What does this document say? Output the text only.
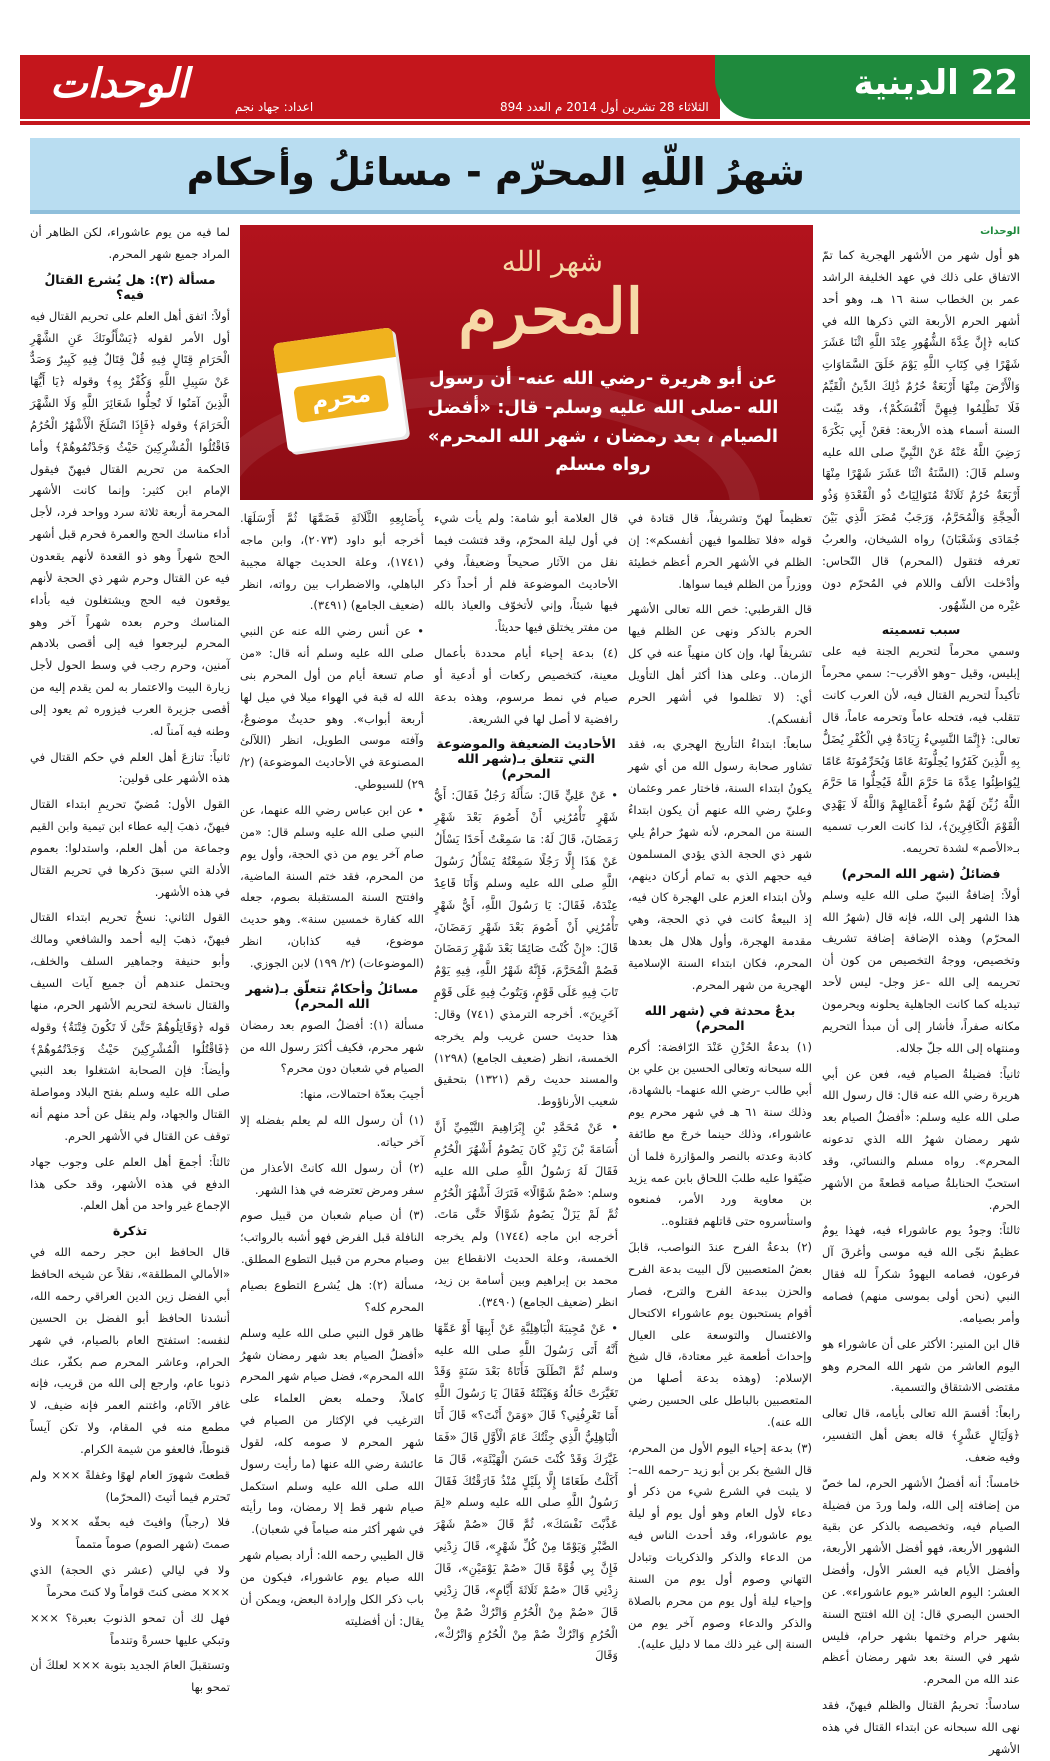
الوحدات	الثلاثاء 28 تشرين أول 2014 م العدد 894
اعداد: جهاد نجم
22 الدينية
شهرُ اللّهِ المحرّم - مسائلُ وأحكام
شهر الله
المحرم
عن أبو هريرة -رضي الله عنه- أن رسول الله -صلى الله عليه وسلم- قال: «أفضل الصيام ، بعد رمضان ، شهر الله المحرم» رواه مسلم
محرم
الوحدات

هو أول شهر من الأشهر الهجرية كما تمّ الاتفاق على ذلك في عهد الخليفة الراشد عمر بن الخطاب سنة ١٦ هـ، وهو أحد أشهر الحرم الأربعة التي ذكرها الله في كتابه ﴿إِنَّ عِدَّةَ الشُّهُورِ عِنْدَ اللَّهِ اثْنَا عَشَرَ شَهْرًا فِي كِتَابِ اللَّهِ يَوْمَ خَلَقَ السَّمَاوَاتِ وَالْأَرْضَ مِنْهَا أَرْبَعَةٌ حُرُمٌ ذَٰلِكَ الدِّينُ الْقَيِّمُ فَلَا تَظْلِمُوا فِيهِنَّ أَنْفُسَكُمْ﴾، وقد بيّنت السنة أسماء هذه الأربعة: فعَنْ أَبِي بَكْرَةَ رَضِيَ اللَّهُ عَنْهُ عَنْ النَّبِيِّ صلى الله عليه وسلم قَالَ: (السَّنَةُ اثْنَا عَشَرَ شَهْرًا مِنْهَا أَرْبَعَةٌ حُرُمٌ ثَلَاثَةٌ مُتَوَالِيَاتٌ ذُو الْقَعْدَةِ وَذُو الْحِجَّةِ وَالْمُحَرَّمُ، وَرَجَبُ مُضَرَ الَّذِي بَيْنَ جُمَادَى وَشَعْبَانَ) رواه الشيخان، والعربُ تعرفه فتقول (المحرم) قال النّحاس: وأدْخلت الألف واللام في المُحرّم دون غيْره من الشّهُور.

سبب تسميته

وسمي محرماً لتحريم الجنة فيه على إبليس، وقيل –وهو الأقرب–: سمي محرماً تأكيداً لتحريم القتال فيه، لأن العرب كانت تتقلب فيه، فتحله عاماً وتحرمه عاماً، قال تعالى: ﴿إِنَّمَا النَّسِيءُ زِيَادَةٌ فِي الْكُفْرِ يُضَلُّ بِهِ الَّذِينَ كَفَرُوا يُحِلُّونَهُ عَامًا وَيُحَرِّمُونَهُ عَامًا لِيُوَاطِئُوا عِدَّةَ مَا حَرَّمَ اللَّهُ فَيُحِلُّوا مَا حَرَّمَ اللَّهُ زُيِّنَ لَهُمْ سُوءُ أَعْمَالِهِمْ وَاللَّهُ لَا يَهْدِي الْقَوْمَ الْكَافِرِينَ﴾، لذا كانت العرب تسميه بـ«الأصم» لشدة تحريمه.

فضائلُ (شهر الله المحرم)

أولاً: إضافةُ النبيّ صلى الله عليه وسلم هذا الشهر إلى الله، فإنه قال (شهرُ الله المحرّم) وهذه الإضافة إضافة تشريف وتخصيص، ووجهُ التخصيص من كون أن تحريمه إلى الله -عز وجل- ليس لأحد تبديله كما كانت الجاهلية يحلونه ويحرمون مكانه صفراً، فأشار إلى أن مبدأ التحريم ومنتهاه إلى الله جلّ جلاله.

ثانياً: فضيلةُ الصيام فيه، فعن عن أبي هريرة رضي الله عنه قال: قال رسول الله صلى الله عليه وسلم: «أفضلُ الصيام بعد شهر رمضان شهرُ الله الذي تدعونه المحرم». رواه مسلم والنسائي، وقد استحبّ الحنابلةُ صيامه قطعةً من الأشهر الحرم.

ثالثاً: وجودُ يوم عاشوراء فيه، فهذا يومٌ عظيمٌ نجّى الله فيه موسى وأغرقَ آل فرعون، فصامه اليهودُ شكراً لله فقال النبي (نحن أولى بموسى منهم) فصامه وأمر بصيامه.

قال ابن المنير: الأكثر على أن عاشوراء هو اليوم العاشر من شهر الله المحرم وهو مقتضى الاشتقاق والتسمية.

رابعاً: أقسمَ الله تعالى بأيامه، قال تعالى ﴿وَلَيَالٍ عَشْرٍ﴾ قاله بعض أهل التفسير، وفيه ضعف.

خامساً: أنه أفضلُ الأشهر الحرم، لما خصّ من إضافته إلى الله، ولما وردَ من فضيلة الصيام فيه، وتخصيصه بالذكر عن بقية الشهور الأربعة، فهو أفضل الأشهر الأربعة، وأفضل الأيام فيه العشر الأول، وأفضل العشر: اليوم العاشر «يوم عاشوراء». عن الحسن البصري قال: إن الله افتتح السنة بشهر حرام وختمها بشهر حرام، فليس شهر في السنة بعد شهر رمضان أعظم عند الله من المحرم.

سادساً: تحريمُ القتال والظلم فيهنّ، فقد نهى الله سبحانه عن ابتداء القتال في هذه الأشهر

تعظيماً لهنّ وتشريفاً، قال قتادة في قوله «فلا تظلموا فيهن أنفسكم»: إن الظلم في الأشهر الحرم أعظم خطيئة ووزراً من الظلم فيما سواها.

قال القرطبي: خص الله تعالى الأشهر الحرم بالذكر ونهى عن الظلم فيها تشريفاً لها، وإن كان منهياً عنه في كل الزمان.. وعلى هذا أكثر أهل التأويل أي: (لا تظلموا في أشهر الحرم أنفسكم).

سابعاً: ابتداءُ التأريخ الهجري به، فقد تشاور صحابة رسول الله من أي شهر يكونُ ابتداء السنة، فاختار عمر وعثمان وعليّ رضي الله عنهم أن يكون ابتداءُ السنة من المحرم، لأنه شهرٌ حرامٌ يلي شهر ذي الحجة الذي يؤدي المسلمون فيه حجهم الذي به تمام أركان دينهم، ولأن ابتداء العزم على الهجرة كان فيه، إذ البيعةُ كانت في ذي الحجة، وهي مقدمة الهجرة، وأول هلال هل بعدها المحرم، فكان ابتداء السنة الإسلامية الهجرية من شهر المحرم.

بدعٌ محدثة في (شهر الله المحرم)

(١) بدعةُ الحُزْنِ عَنْدَ الرّافضة: أكرم الله سبحانه وتعالى الحسين بن علي بن أبي طالب -رضي الله عنهما- بالشهادة، وذلك سنة ٦١ هـ في شهر محرم يوم عاشوراء، وذلك حينما خرجَ مع طائفة كاذبة وعدته بالنصر والمؤازرة فلما أن ضيّقوا عليه طلبَ اللحاق بابن عمه يزيد بن معاوية ورد الأمر، فمنعوه واستأسروه حتى قاتلهم فقتلوه..

(٢) بدعةُ الفرح عندَ النواصب، قابلَ بعضُ المتعصبين لآل البيت بدعة الفرح والحزن ببدعة الفرح والترح، فصار أقوام يستحبون يوم عاشوراء الاكتحال والاغتسال والتوسعة على العيال وإحداث أطعمة غير معتادة، قال شيخ الإسلام: (وهذه بدعة أصلها من المتعصبين بالباطل على الحسين رضي الله عنه).

(٣) بدعة إحياء اليوم الأول من المحرم، قال الشيخ بكر بن أبو زيد –رحمه الله–: لا يثبت في الشرع شيء من ذكر أو دعاء لأول العام وهو أول يوم أو ليلة يوم عاشوراء، وقد أحدث الناس فيه من الدعاء والذكر والذكريات وتبادل التهاني وصوم أول يوم من السنة وإحياء ليلة أول يوم من محرم بالصلاة والذكر والدعاء وصوم آخر يوم من السنة إلى غير ذلك مما لا دليل عليه).

قال العلامة أبو شامة: ولم يأت شيء في أول ليلة المحرّم، وقد فتشت فيما نقل من الآثار صحيحاً وضعيفاً، وفي الأحاديث الموضوعة فلم أر أحداً ذكر فيها شيئاً، وإني لأتخوّف والعياذ بالله من مفتر يختلق فيها حديثاً.

(٤) بدعة إحياء أيام محددة بأعمال معينة، كتخصيص ركعات أو أدعية أو صيام في نمط مرسوم، وهذه بدعة رافضية لا أصل لها في الشريعة.

الأحاديث الضعيفة والموضوعة التي تتعلق بـ(شهر الله المحرم)

• عَنْ عَلِيٍّ قَالَ: سَأَلَهُ رَجُلٌ فَقَالَ: أَيُّ شَهْرٍ تَأْمُرُنِي أَنْ أَصُومَ بَعْدَ شَهْرِ رَمَضَانَ، قَالَ لَهُ: مَا سَمِعْتُ أَحَدًا يَسْأَلُ عَنْ هَذَا إِلَّا رَجُلًا سَمِعْتُهُ يَسْأَلُ رَسُولَ اللَّهِ صلى الله عليه وسلم وَأَنَا قَاعِدٌ عِنْدَهُ، فَقَالَ: يَا رَسُولَ اللَّهِ، أَيُّ شَهْرٍ تَأْمُرُنِي أَنْ أَصُومَ بَعْدَ شَهْرِ رَمَضَانَ، قَالَ: «إِنْ كُنْتَ صَائِمًا بَعْدَ شَهْرِ رَمَضَانَ فَصُمْ الْمُحَرَّمَ، فَإِنَّهُ شَهْرُ اللَّهِ، فِيهِ يَوْمٌ تَابَ فِيهِ عَلَى قَوْمٍ، وَيَتُوبُ فِيهِ عَلَى قَوْمٍ آخَرِينَ». أخرجه الترمذي (٧٤١) وقال: هذا حديث حسن غريب ولم يخرجه الخمسة، انظر (ضعيف الجامع) (١٢٩٨) والمسند حديث رقم (١٣٢١) بتحقيق شعيب الأرناؤوط.

• عَنْ مُحَمَّدِ بْنِ إِبْرَاهِيمَ التَّيْمِيِّ أَنَّ أُسَامَةَ بْنَ زَيْدٍ كَانَ يَصُومُ أَشْهُرَ الْحُرُمِ فَقَالَ لَهُ رَسُولُ اللَّهِ صلى الله عليه وسلم: «صُمْ شَوَّالًا» فَتَرَكَ أَشْهُرَ الْحُرُمِ ثُمَّ لَمْ يَزَلْ يَصُومُ شَوَّالًا حَتَّى مَاتَ. أخرجه ابن ماجه (١٧٤٤) ولم يخرجه الخمسة، وعلة الحديث الانقطاع بين محمد بن إبراهيم وبين أسامة بن زيد، انظر (ضعيف الجامع) (٣٤٩٠).

• عَنْ مُجِيبَةَ الْبَاهِلِيَّةِ عَنْ أَبِيهَا أَوْ عَمِّهَا أَنَّهُ أَتَى رَسُولَ اللَّهِ صلى الله عليه وسلم ثُمَّ انْطَلَقَ فَأَتَاهُ بَعْدَ سَنَةٍ وَقَدْ تَغَيَّرَتْ حَالُهُ وَهَيْئَتُهُ فَقَالَ يَا رَسُولَ اللَّهِ أَمَا تَعْرِفُنِي؟ قَالَ «وَمَنْ أَنْتَ؟» قَالَ أَنَا الْبَاهِلِيُّ الَّذِي جِئْتُكَ عَامَ الْأَوَّلِ قَالَ «فَمَا غَيَّرَكَ وَقَدْ كُنْتَ حَسَنَ الْهَيْئَةِ»، قَالَ مَا أَكَلْتُ طَعَامًا إِلَّا بِلَيْلٍ مُنْذُ فَارَقْتُكَ فَقَالَ رَسُولُ اللَّهِ صلى الله عليه وسلم «لِمَ عَذَّبْتَ نَفْسَكَ»، ثُمَّ قَالَ «صُمْ شَهْرَ الصَّبْرِ وَيَوْمًا مِنْ كُلِّ شَهْرٍ»، قَالَ زِدْنِي فَإِنَّ بِي قُوَّةً قَالَ «صُمْ يَوْمَيْنِ»، قَالَ زِدْنِي قَالَ «صُمْ ثَلَاثَةَ أَيَّامٍ»، قَالَ زِدْنِي قَالَ «صُمْ مِنْ الْحُرُمِ وَاتْرُكْ صُمْ مِنْ الْحُرُمِ وَاتْرُكْ صُمْ مِنْ الْحُرُمِ وَاتْرُكْ»، وَقَالَ

بِأَصَابِعِهِ الثَّلَاثَةِ فَضَمَّهَا ثُمَّ أَرْسَلَهَا. أخرجه أبو داود (٢٠٧٣)، وابن ماجه (١٧٤١)، وعلة الحديث جهالة مجيبة الباهلي، والاضطراب بين رواته، انظر (ضعيف الجامع) (٣٤٩١).

• عن أنس رضي الله عنه عن النبي صلى الله عليه وسلم أنه قال: «من صام تسعة أيام من أول المحرم بنى الله له قبة في الهواء ميلا في ميل لها أربعة أبواب». وهو حديثٌ موضوعٌ، وآفته موسى الطويل، انظر (اللآلئ المصنوعة في الأحاديث الموضوعة) (٢/ ٢٩) للسيوطي.

• عن ابن عباس رضي الله عنهما، عن النبي صلى الله عليه وسلم قال: «من صام آخر يوم من ذي الحجة، وأول يوم من المحرم، فقد ختم السنة الماضية، وافتتح السنة المستقبلة بصوم، جعله الله كفارة خمسين سنة». وهو حديث موضوع، فيه كذابان، انظر (الموضوعات) (٢/ ١٩٩) لابن الجوزي.

مسائلُ وأحكامٌ تتعلّق بـ(شهر الله المحرم)

مسألة (١): أفضلُ الصوم بعد رمضان شهر محرم، فكيف أكثرَ رسول الله من الصيام في شعبان دون محرم؟

أجيبَ بعدّة احتمالات، منها:

(١) أن رسول الله لم يعلم بفضله إلا آخر حياته.

(٢) أن رسول الله كانتْ الأعذار من سفر ومرض تعترضه في هذا الشهر.

(٣) أن صيام شعبان من قبيل صوم النافلة قبل الفرض فهو أشبه بالرواتب؛ وصيام محرم من قبيل التطوع المطلق.

مسألة (٢): هل يُشرع التطوع بصيام المحرم كله؟

ظاهر قول النبي صلى الله عليه وسلم «أفضلُ الصيام بعد شهر رمضان شهرُ الله المحرم»، فضل صيام شهر المحرم كاملاً، وحمله بعض العلماء على الترغيب في الإكثار من الصيام في شهر المحرم لا صومه كله، لقول عائشة رضي الله عنها (ما رأيت رسول الله صلى الله عليه وسلم استكمل صيام شهر قط إلا رمضان، وما رأيته في شهر أكثر منه صياماً في شعبان).

قال الطيبي رحمه الله: أراد بصيام شهر الله صيام يوم عاشوراء، فيكون من باب ذكر الكل وإرادة البعض، ويمكن أن يقال: أن أفضليته

لما فيه من يوم عاشوراء، لكن الظاهر أن المراد جميع شهر المحرم.

مسألة (٣): هل يُشرع القتالُ فيه؟

أولاً: اتفق أهل العلم على تحريم القتال فيه أول الأمر لقوله ﴿يَسْأَلُونَكَ عَنِ الشَّهْرِ الْحَرَامِ قِتَالٍ فِيهِ قُلْ قِتَالٌ فِيهِ كَبِيرٌ وَصَدٌّ عَنْ سَبِيلِ اللَّهِ وَكُفْرٌ بِهِ﴾ وقوله ﴿يَا أَيُّهَا الَّذِينَ آمَنُوا لَا تُحِلُّوا شَعَائِرَ اللَّهِ وَلَا الشَّهْرَ الْحَرَامَ﴾ وقوله ﴿فَإِذَا انْسَلَخَ الْأَشْهُرُ الْحُرُمُ فَاقْتُلُوا الْمُشْرِكِينَ حَيْثُ وَجَدْتُمُوهُمْ﴾ وأما الحكمة من تحريم القتال فيهنّ فيقول الإمام ابن كثير: وإنما كانت الأشهر المحرمة أربعة ثلاثة سرد وواحد فرد، لأجل أداء مناسك الحج والعمرة فحرم قبل أشهر الحج شهراً وهو ذو القعدة لأنهم يقعدون فيه عن القتال وحرم شهر ذي الحجة لأنهم يوقعون فيه الحج ويشتغلون فيه بأداء المناسك وحرم بعده شهراً آخر وهو المحرم ليرجعوا فيه إلى أقصى بلادهم آمنين، وحرم رجب في وسط الحول لأجل زيارة البيت والاعتمار به لمن يقدم إليه من أقصى جزيرة العرب فيزوره ثم يعود إلى وطنه فيه آمناً له.

ثانياً: تنازعَ أهل العلم في حكم القتال في هذه الأشهر على قولين:

القول الأول: مُضيّ تحريمِ ابتداء القتال فيهنّ، ذهبَ إليه عطاء ابن تيمية وابن القيم وجماعة من أهل العلم، واستدلوا: بعموم الأدلة التي سبقَ ذكرها في تحريم القتال في هذه الأشهر.

القول الثاني: نسخُ تحريم ابتداء القتال فيهنّ، ذهبَ إليه أحمد والشافعي ومالك وأبو حنيفة وجماهير السلف والخلف، ويحتمل عندهم أن جميع آيات السيف والقتال ناسخة لتحريم الأشهر الحرم، منها قوله ﴿وَقَاتِلُوهُمْ حَتَّىٰ لَا تَكُونَ فِتْنَةٌ﴾ وقوله ﴿فَاقْتُلُوا الْمُشْرِكِينَ حَيْثُ وَجَدْتُمُوهُمْ﴾ وأيضاً: فإن الصحابة اشتغلوا بعد النبي صلى الله عليه وسلم بفتح البلاد ومواصلة القتال والجهاد، ولم ينقل عن أحد منهم أنه توقف عن القتال في الأشهر الحرم.

ثالثاً: أجمعَ أهل العلم على وجوب جهاد الدفع في هذه الأشهر، وقد حكى هذا الإجماع غير واحد من أهل العلم.

تذكرة

قال الحافظ ابن حجر رحمه الله في «الأمالي المطلقة»، نقلاً عن شيخه الحافظ أبي الفضل زين الدين العراقي رحمه الله، أنشدنا الحافظ أبو الفضل بن الحسين لنفسه: استفتح العام بالصيام، في شهر الحرام، وعاشر المحرم صم بكفّر، عنك ذنوبا عام، وارجع إلى الله من قريب، فإنه غافر الآثام، واغتنم العمر فإنه ضيف، لا مطمع منه في المقام، ولا تكن آيساً قنوطاً، فالعفو من شيمة الكرام.

قطعتَ شهورَ العام لهوًا وغفلةً ××× ولم تَحترم فيما أتيتَ (المحرّما)

فلا (رجباً) وافيتَ فيه بحقّه ××× ولا صمتَ (شهر الصوم) صوماً متمماً

ولا في ليالي (عشر ذي الحجة) الذي ××× مضى كنتَ قواماً ولا كنتَ محرماً

فهل لك أن تمحو الذنوبَ بعبرة؟ ××× وتبكي عليها حسرةً وتندماً

وتستقبلَ العامَ الجديد بتوبة ××× لعلكَ أن تمحو بها
